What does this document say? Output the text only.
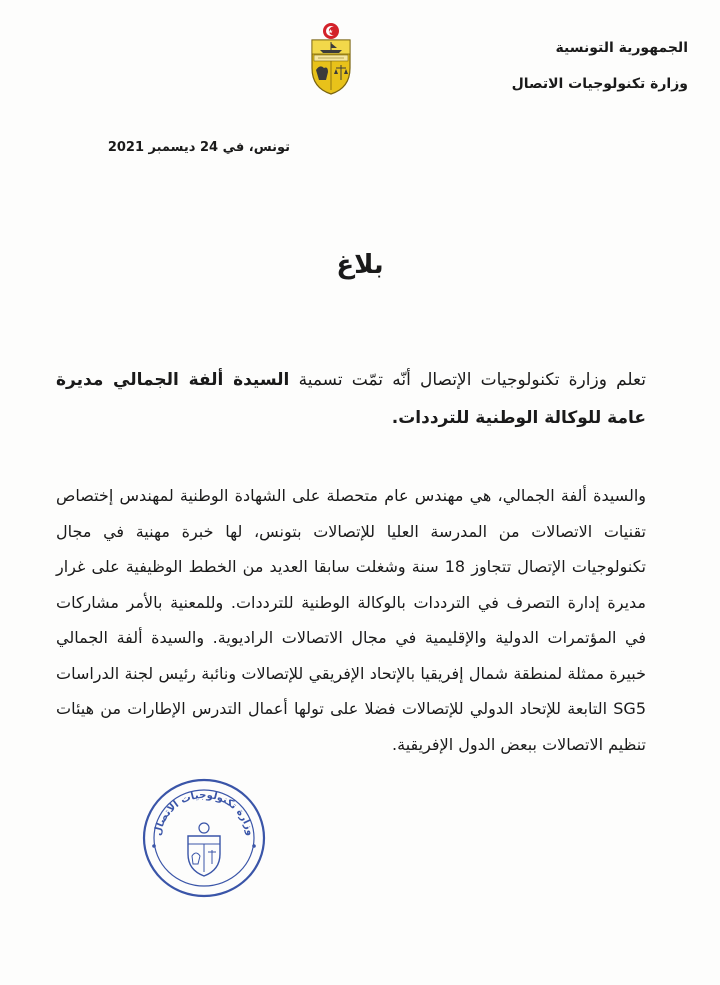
الجمهورية التونسية

وزارة تكنولوجيات الاتصال

تونس، في 24 ديسمبر 2021
بلاغ
تعلم وزارة تكنولوجيات الإتصال أنّه تمّت تسمية السيدة ألفة الجمالي مديرة عامة للوكالة الوطنية للترددات.
والسيدة ألفة الجمالي، هي مهندس عام متحصلة على الشهادة الوطنية لمهندس إختصاص تقنيات الاتصالات من المدرسة العليا للإتصالات بتونس، لها خبرة مهنية في مجال تكنولوجيات الإتصال تتجاوز 18 سنة وشغلت سابقا العديد من الخطط الوظيفية على غرار مديرة إدارة التصرف في الترددات بالوكالة الوطنية للترددات. وللمعنية بالأمر مشاركات في المؤتمرات الدولية والإقليمية في مجال الاتصالات الراديوية. والسيدة ألفة الجمالي خبيرة ممثلة لمنطقة شمال إفريقيا بالإتحاد الإفريقي للإتصالات ونائبة رئيس لجنة الدراسات SG5 التابعة للإتحاد الدولي للإتصالات فضلا على تولها أعمال التدرس الإطارات من هيئات تنظيم الاتصالات ببعض الدول الإفريقية.
وزارة تكنولوجيات الاتصال
